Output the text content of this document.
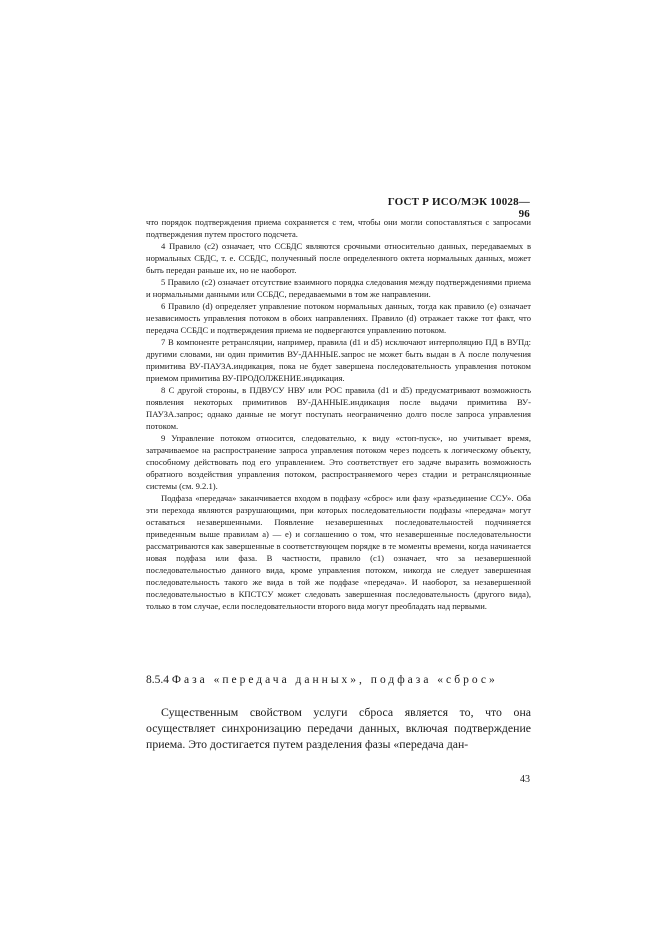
ГОСТ Р ИСО/МЭК 10028—96

что порядок подтверждения приема сохраняется с тем, чтобы они могли сопоставляться с запросами подтверждения путем простого подсчета.

4 Правило (с2) означает, что ССБДС являются срочными относительно данных, передаваемых в нормальных СБДС, т. е. ССБДС, полученный после определенного октета нормальных данных, может быть передан раньше их, но не наоборот.

5 Правило (с2) означает отсутствие взаимного порядка следования между подтверждениями приема и нормальными данными или ССБДС, передаваемыми в том же направлении.

6 Правило (d) определяет управление потоком нормальных данных, тогда как правило (е) означает независимость управления потоком в обоих направлениях. Правило (d) отражает также тот факт, что передача ССБДС и подтверждения приема не подвергаются управлению потоком.

7 В компоненте ретрансляции, например, правила (d1 и d5) исключают интерполяцию ПД в ВУПд: другими словами, ни один примитив ВУ-ДАННЫЕ.запрос не может быть выдан в А после получения примитива ВУ-ПАУЗА.индикация, пока не будет завершена последовательность управления потоком приемом примитива ВУ-ПРОДОЛЖЕНИЕ.индикация.

8 С другой стороны, в ПДВУСУ НВУ или РОС правила (d1 и d5) предусматривают возможность появления некоторых примитивов ВУ-ДАННЫЕ.индикация после выдачи примитива ВУ-ПАУЗА.запрос; однако данные не могут поступать неограниченно долго после запроса управления потоком.

9 Управление потоком относится, следовательно, к виду «стоп-пуск», но учитывает время, затрачиваемое на распространение запроса управления потоком через подсеть к логическому объекту, способному действовать под его управлением. Это соответствует его задаче выразить возможность обратного воздействия управления потоком, распространяемого через стадии и ретрансляционные системы (см. 9.2.1).

Подфаза «передача» заканчивается входом в подфазу «сброс» или фазу «разъединение ССУ». Оба эти перехода являются разрушающими, при которых последовательности подфазы «передача» могут оставаться незавершенными. Появление незавершенных последовательностей подчиняется приведенным выше правилам а) — е) и соглашению о том, что незавершенные последовательности рассматриваются как завершенные в соответствующем порядке в те моменты времени, когда начинается новая подфаза или фаза. В частности, правило (с1) означает, что за незавершенной последовательностью данного вида, кроме управления потоком, никогда не следует завершенная последовательность такого же вида в той же подфазе «передача». И наоборот, за незавершенной последовательностью в КПСТСУ может следовать завершенная последовательность (другого вида), только в том случае, если последовательности второго вида могут преобладать над первыми.

8.5.4 Фаза «передача данных», подфаза «сброс»

Существенным свойством услуги сброса является то, что она осуществляет синхронизацию передачи данных, включая подтверждение приема. Это достигается путем разделения фазы «передача дан-

43
